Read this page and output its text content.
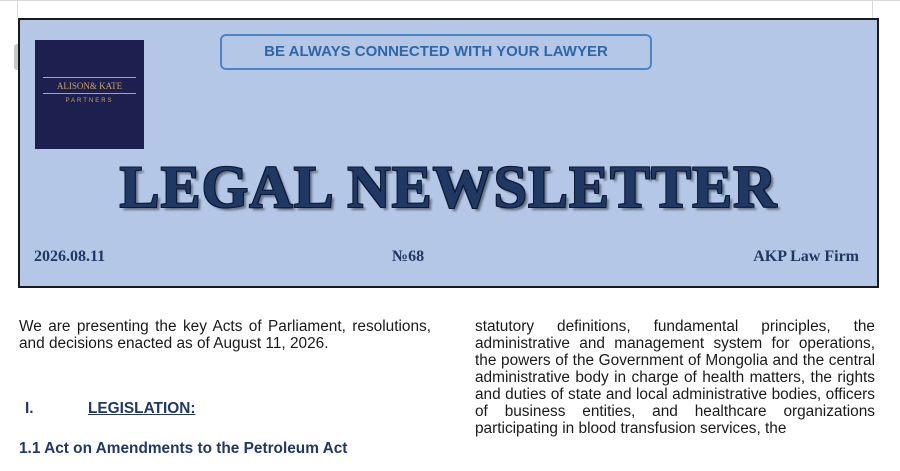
ALISON& KATE
PARTNERS
BE ALWAYS CONNECTED WITH YOUR LAWYER
LEGAL NEWSLETTER
2026.08.11	№68	AKP Law Firm

We are presenting the key Acts of Parliament, resolutions, and decisions enacted as of August 11, 2026.

I.	LEGISLATION:
1.1 Act on Amendments to the Petroleum Act

statutory definitions, fundamental principles, the administrative and management system for operations, the powers of the Government of Mongolia and the central administrative body in charge of health matters, the rights and duties of state and local administrative bodies, officers of business entities, and healthcare organizations participating in blood transfusion services, the
